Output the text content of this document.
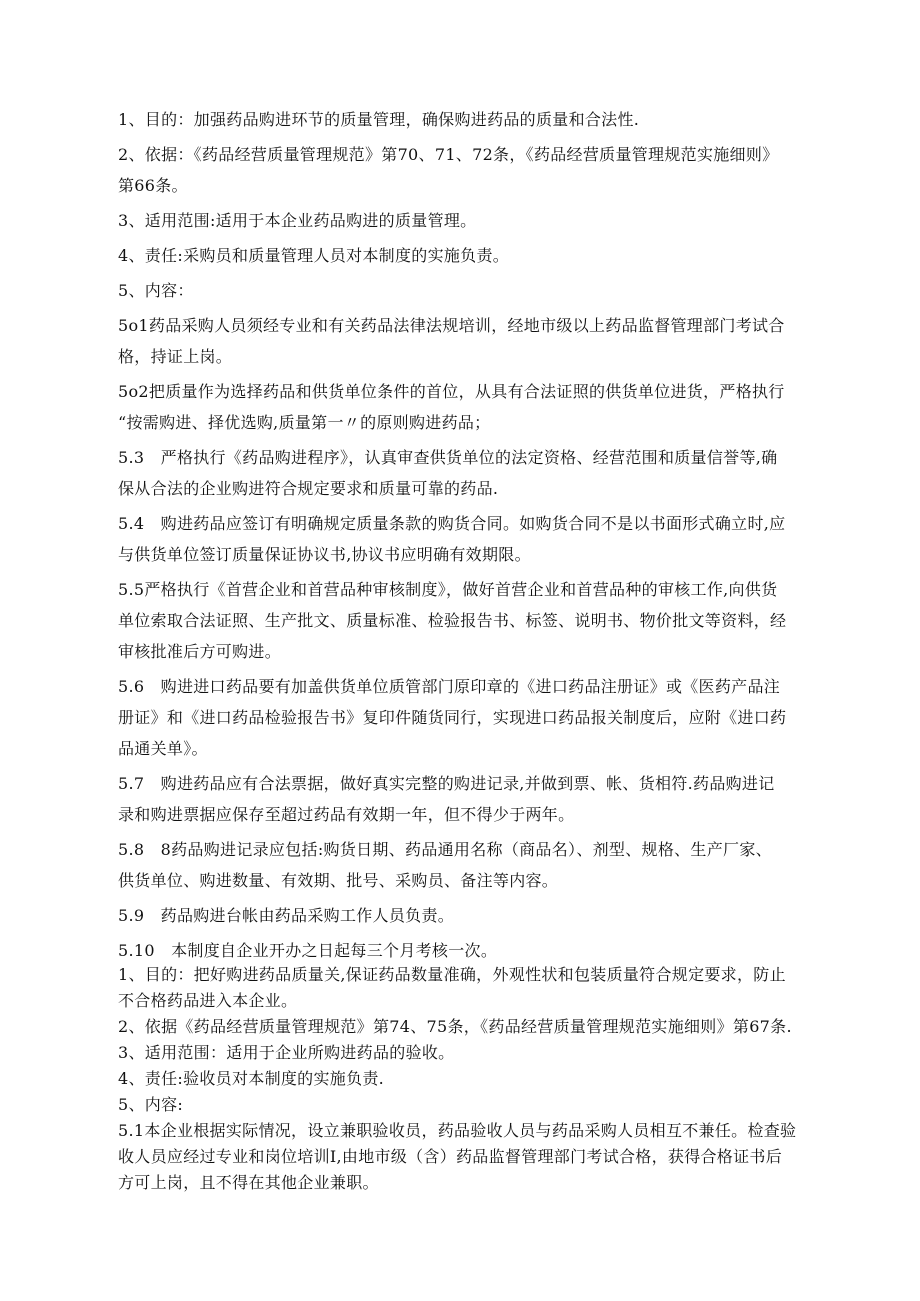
1、目的：加强药品购进环节的质量管理，确保购进药品的质量和合法性.

2、依据：《药品经营质量管理规范》第70、71、72条，《药品经营质量管理规范实施细则》

第66条。

3、适用范围:适用于本企业药品购进的质量管理。

4、责任:采购员和质量管理人员对本制度的实施负责。

5、内容：

5o1药品采购人员须经专业和有关药品法律法规培训，经地市级以上药品监督管理部门考试合

格，持证上岗。

5o2把质量作为选择药品和供货单位条件的首位，从具有合法证照的供货单位进货，严格执行

“按需购进、择优选购,质量第一〃的原则购进药品；

5.3　严格执行《药品购进程序》，认真审查供货单位的法定资格、经营范围和质量信誉等,确

保从合法的企业购进符合规定要求和质量可靠的药品.

5.4　购进药品应签订有明确规定质量条款的购货合同。如购货合同不是以书面形式确立时,应

与供货单位签订质量保证协议书,协议书应明确有效期限。

5.5严格执行《首营企业和首营品种审核制度》，做好首营企业和首营品种的审核工作,向供货

单位索取合法证照、生产批文、质量标准、检验报告书、标签、说明书、物价批文等资料，经

审核批准后方可购进。

5.6　购进进口药品要有加盖供货单位质管部门原印章的《进口药品注册证》或《医药产品注

册证》和《进口药品检验报告书》复印件随货同行，实现进口药品报关制度后，应附《进口药

品通关单》。

5.7　购进药品应有合法票据，做好真实完整的购进记录,并做到票、帐、货相符.药品购进记

录和购进票据应保存至超过药品有效期一年，但不得少于两年。

5.8　8药品购进记录应包括:购货日期、药品通用名称（商品名）、剂型、规格、生产厂家、

供货单位、购进数量、有效期、批号、采购员、备注等内容。

5.9　药品购进台帐由药品采购工作人员负责。

5.10　本制度自企业开办之日起每三个月考核一次。

1、目的：把好购进药品质量关,保证药品数量准确，外观性状和包装质量符合规定要求，防止

不合格药品进入本企业。

2、依据《药品经营质量管理规范》第74、75条，《药品经营质量管理规范实施细则》第67条.

3、适用范围：适用于企业所购进药品的验收。

4、责任:验收员对本制度的实施负责.

5、内容:

5.1本企业根据实际情况，设立兼职验收员，药品验收人员与药品采购人员相互不兼任。检查验

收人员应经过专业和岗位培训I,由地市级（含）药品监督管理部门考试合格，获得合格证书后

方可上岗，且不得在其他企业兼职。
